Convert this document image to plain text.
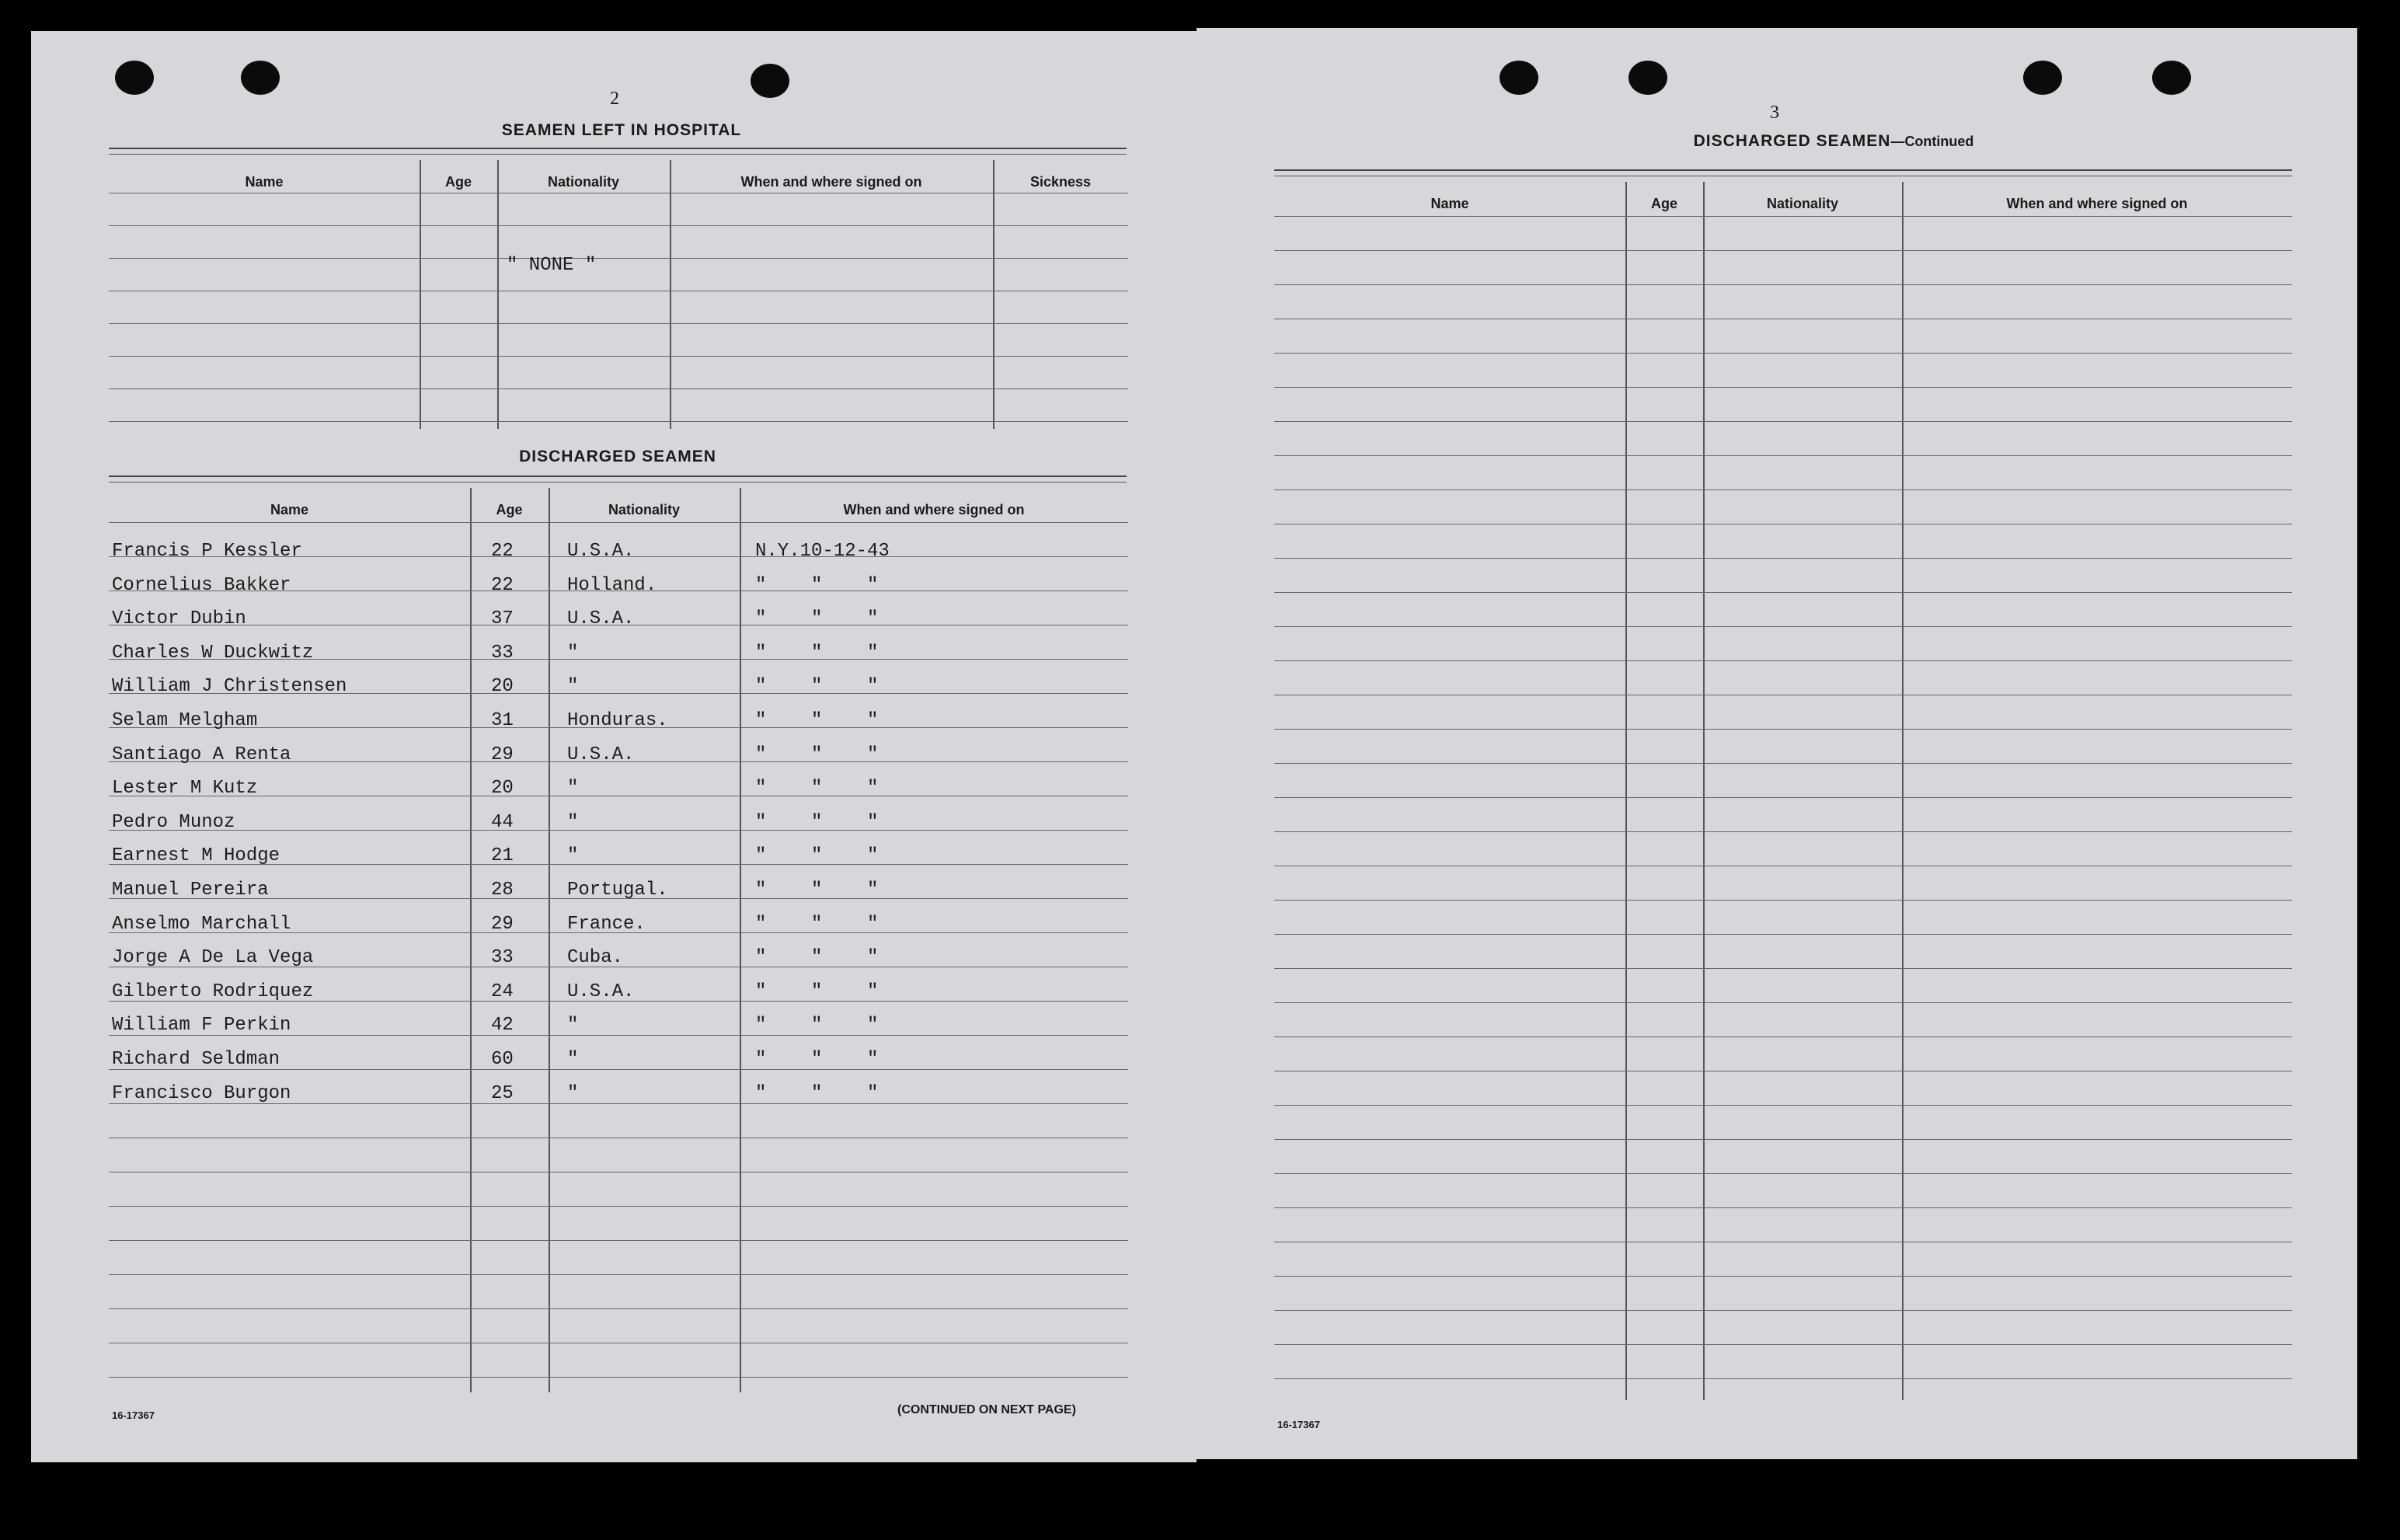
2
SEAMEN LEFT IN HOSPITAL
Name	Age	Nationality	When and where signed on	Sickness
" NONE "
DISCHARGED SEAMEN
Name	Age	Nationality	When and where signed on
Francis P Kessler	22	U.S.A.	N.Y.10-12-43
Cornelius Bakker	22	Holland.	"    "    "
Victor Dubin	37	U.S.A.	"    "    "
Charles W Duckwitz	33	"	"    "    "
William J Christensen	20	"	"    "    "
Selam Melgham	31	Honduras.	"    "    "
Santiago A Renta	29	U.S.A.	"    "    "
Lester M Kutz	20	"	"    "    "
Pedro Munoz	44	"	"    "    "
Earnest M Hodge	21	"	"    "    "
Manuel Pereira	28	Portugal.	"    "    "
Anselmo Marchall	29	France.	"    "    "
Jorge A De La Vega	33	Cuba.	"    "    "
Gilberto Rodriquez	24	U.S.A.	"    "    "
William F Perkin	42	"	"    "    "
Richard Seldman	60	"	"    "    "
Francisco Burgon	25	"	"    "    "
16-17367	(CONTINUED ON NEXT PAGE)
3
DISCHARGED SEAMEN—Continued
Name	Age	Nationality	When and where signed on
16-17367
